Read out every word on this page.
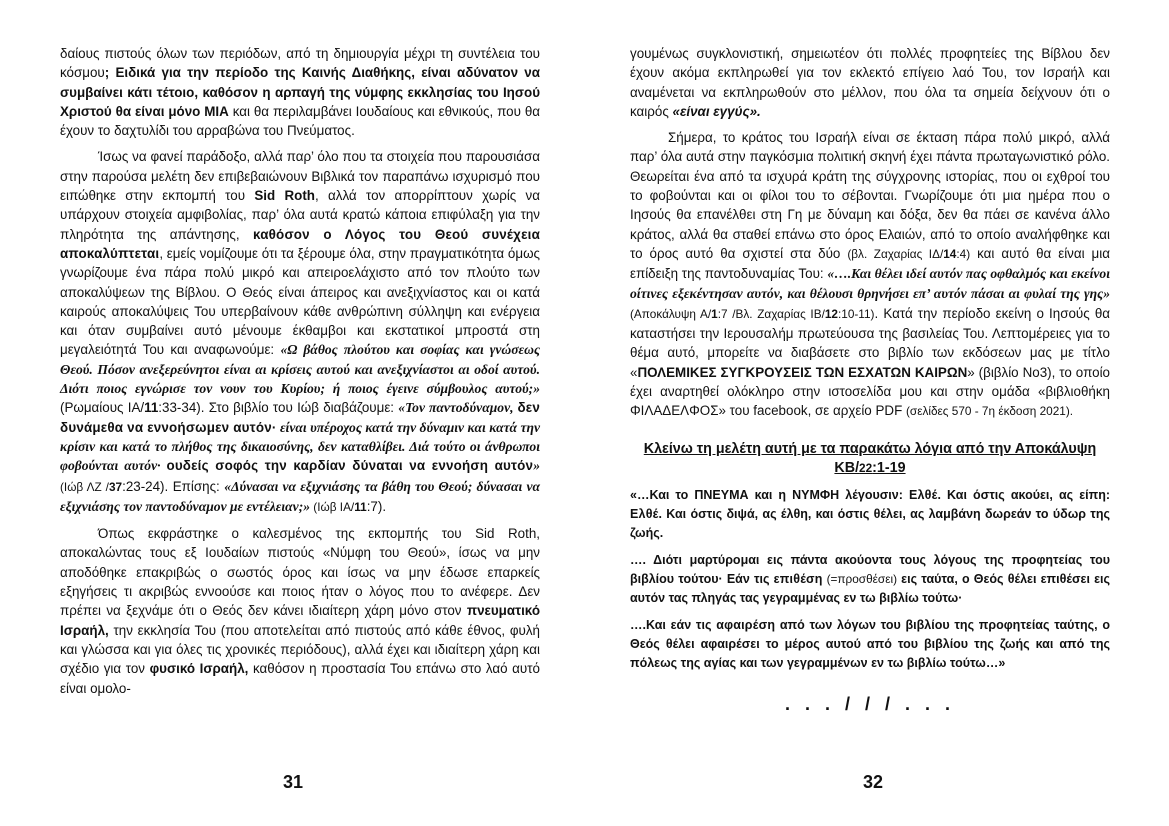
δαίους πιστούς όλων των περιόδων, από τη δημιουργία μέχρι τη συντέλεια του κόσμου; Ειδικά για την περίοδο της Καινής Διαθήκης, είναι αδύνατον να συμβαίνει κάτι τέτοιο, καθόσον η αρπαγή της νύμφης εκκλησίας του Ιησού Χριστού θα είναι μόνο ΜΙΑ και θα περιλαμβάνει Ιουδαίους και εθνικούς, που θα έχουν το δαχτυλίδι του αρραβώνα του Πνεύματος.

Ίσως να φανεί παράδοξο, αλλά παρ’ όλο που τα στοιχεία που παρουσιάσα στην παρούσα μελέτη δεν επιβεβαιώνουν Βιβλικά τον παραπάνω ισχυρισμό που ειπώθηκε στην εκπομπή του Sid Roth, αλλά τον απορρίπτουν χωρίς να υπάρχουν στοιχεία αμφιβολίας, παρ’ όλα αυτά κρατώ κάποια επιφύλαξη για την πληρότητα της απάντησης, καθόσον ο Λόγος του Θεού συνέχεια αποκαλύπτεται, εμείς νομίζουμε ότι τα ξέρουμε όλα, στην πραγματικότητα όμως γνωρίζουμε ένα πάρα πολύ μικρό και απειροελάχιστο από τον πλούτο των αποκαλύψεων της Βίβλου. Ο Θεός είναι άπειρος και ανεξιχνίαστος και οι κατά καιρούς αποκαλύψεις Του υπερβαίνουν κάθε ανθρώπινη σύλληψη και ενέργεια και όταν συμβαίνει αυτό μένουμε έκθαμβοι και εκστατικοί μπροστά στη μεγαλειότητά Του και αναφωνούμε: «Ω βάθος πλούτου και σοφίας και γνώσεως Θεού. Πόσον ανεξερεύνητοι είναι αι κρίσεις αυτού και ανεξιχνίαστοι αι οδοί αυτού. Διότι ποιος εγνώρισε τον νουν του Κυρίου; ή ποιος έγεινε σύμβουλος αυτού;» (Ρωμαίους ΙΑ/11:33-34). Στο βιβλίο του Ιώβ διαβάζουμε: «Τον παντοδύναμον, δεν δυνάμεθα να εννοήσωμεν αυτόν· είναι υπέροχος κατά την δύναμιν και κατά την κρίσιν και κατά το πλήθος της δικαιοσύνης, δεν καταθλίβει. Διά τούτο οι άνθρωποι φοβούνται αυτόν· ουδείς σοφός την καρδίαν δύναται να εννοήση αυτόν» (Ιώβ ΛΖ /37:23-24). Επίσης: «Δύνασαι να εξιχνιάσης τα βάθη του Θεού; δύνασαι να εξιχνιάσης τον παντοδύναμον με εντέλειαν;» (Ιώβ ΙΑ/11:7).

Όπως εκφράστηκε ο καλεσμένος της εκπομπής του Sid Roth, αποκαλώντας τους εξ Ιουδαίων πιστούς «Νύμφη του Θεού», ίσως να μην αποδόθηκε επακριβώς ο σωστός όρος και ίσως να μην έδωσε επαρκείς εξηγήσεις τι ακριβώς εννοούσε και ποιος ήταν ο λόγος που το ανέφερε. Δεν πρέπει να ξεχνάμε ότι ο Θεός δεν κάνει ιδιαίτερη χάρη μόνο στον πνευματικό Ισραήλ, την εκκλησία Του (που αποτελείται από πιστούς από κάθε έθνος, φυλή και γλώσσα και για όλες τις χρονικές περιόδους), αλλά έχει και ιδιαίτερη χάρη και σχέδιο για τον φυσικό Ισραήλ, καθόσον η προστασία Του επάνω στο λαό αυτό είναι ομολο-

31

γουμένως συγκλονιστική, σημειωτέον ότι πολλές προφητείες της Βίβλου δεν έχουν ακόμα εκπληρωθεί για τον εκλεκτό επίγειο λαό Του, τον Ισραήλ και αναμένεται να εκπληρωθούν στο μέλλον, που όλα τα σημεία δείχνουν ότι ο καιρός «είναι εγγύς».

Σήμερα, το κράτος του Ισραήλ είναι σε έκταση πάρα πολύ μικρό, αλλά παρ’ όλα αυτά στην παγκόσμια πολιτική σκηνή έχει πάντα πρωταγωνιστικό ρόλο. Θεωρείται ένα από τα ισχυρά κράτη της σύγχρονης ιστορίας, που οι εχθροί του το φοβούνται και οι φίλοι του το σέβονται. Γνωρίζουμε ότι μια ημέρα που ο Ιησούς θα επανέλθει στη Γη με δύναμη και δόξα, δεν θα πάει σε κανένα άλλο κράτος, αλλά θα σταθεί επάνω στο όρος Ελαιών, από το οποίο αναλήφθηκε και το όρος αυτό θα σχιστεί στα δύο (βλ. Ζαχαρίας ΙΔ/14:4) και αυτό θα είναι μια επίδειξη της παντοδυναμίας Του: «….Και θέλει ιδεί αυτόν πας οφθαλμός και εκείνοι οίτινες εξεκέντησαν αυτόν, και θέλουσι θρηνήσει επ’ αυτόν πάσαι αι φυλαί της γης» (Αποκάλυψη Α/1:7 /Βλ. Ζαχαρίας ΙΒ/12:10-11). Κατά την περίοδο εκείνη ο Ιησούς θα καταστήσει την Ιερουσαλήμ πρωτεύουσα της βασιλείας Του. Λεπτομέρειες για το θέμα αυτό, μπορείτε να διαβάσετε στο βιβλίο των εκδόσεων μας με τίτλο «ΠΟΛΕΜΙΚΕΣ ΣΥΓΚΡΟΥΣΕΙΣ ΤΩΝ ΕΣΧΑΤΩΝ ΚΑΙΡΩΝ» (βιβλίο Νο3), το οποίο έχει αναρτηθεί ολόκληρο στην ιστοσελίδα μου και στην ομάδα «βιβλιοθήκη ΦΙΛΑΔΕΛΦΟΣ» του facebook, σε αρχείο PDF (σελίδες 570 - 7η έκδοση 2021).

Κλείνω τη μελέτη αυτή με τα παρακάτω λόγια από την Αποκάλυψη ΚΒ/22:1-19

«…Και το ΠΝΕΥΜΑ και η ΝΥΜΦΗ λέγουσιν: Ελθέ. Και όστις ακούει, ας είπη: Ελθέ. Και όστις διψά, ας έλθη, και όστις θέλει, ας λαμβάνη δωρεάν το ύδωρ της ζωής.

…. Διότι μαρτύρομαι εις πάντα ακούοντα τους λόγους της προφητείας του βιβλίου τούτου· Εάν τις επιθέση (=προσθέσει) εις ταύτα, ο Θεός θέλει επιθέσει εις αυτόν τας πληγάς τας γεγραμμένας εν τω βιβλίω τούτω·

….Και εάν τις αφαιρέση από των λόγων του βιβλίου της προφητείας ταύτης, ο Θεός θέλει αφαιρέσει το μέρος αυτού από του βιβλίου της ζωής και από της πόλεως της αγίας και των γεγραμμένων εν τω βιβλίω τούτω…»

. . . / / / . . .
32
